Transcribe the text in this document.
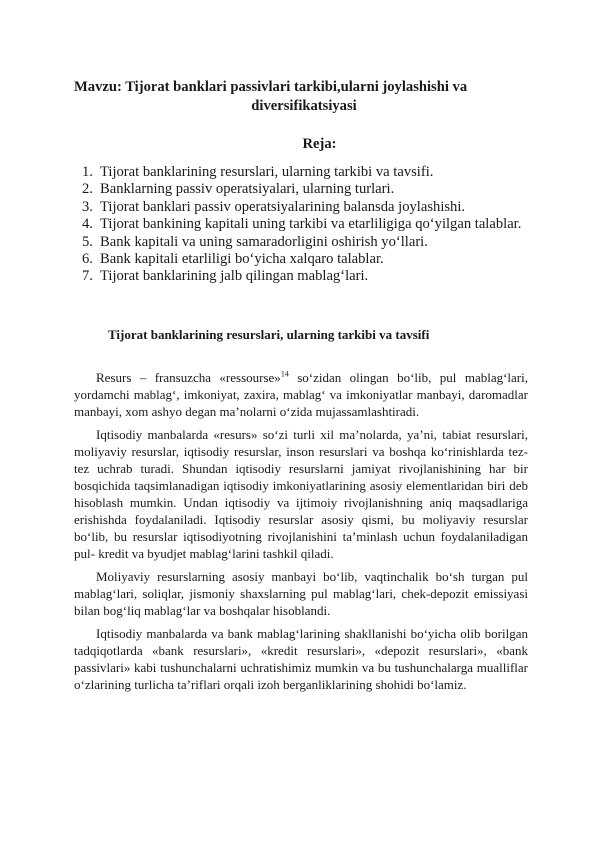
Mavzu: Tijorat banklari passivlari tarkibi,ularni joylashishi va
diversifikatsiyasi
Reja:
1. Tijorat banklarining resurslari, ularning tarkibi va tavsifi.
2. Banklarning passiv operatsiyalari, ularning turlari.
3. Tijorat banklari passiv operatsiyalarining balansda joylashishi.
4. Tijorat bankining kapitali uning tarkibi va etarliligiga qo‘yilgan talablar.
5. Bank kapitali va uning samaradorligini oshirish yo‘llari.
6. Bank kapitali etarliligi bo‘yicha xalqaro talablar.
7. Tijorat banklarining jalb qilingan mablag‘lari.
Tijorat banklarining resurslari, ularning tarkibi va tavsifi

Resurs – fransuzcha «ressourse»$^{14}$ so‘zidan olingan bo‘lib, pul mablag‘lari, yordamchi mablag‘, imkoniyat, zaxira, mablag‘ va imkoniyatlar manbayi, daromadlar manbayi, xom ashyo degan ma’nolarni o‘zida mujassamlashtiradi.

Iqtisodiy manbalarda «resurs» so‘zi turli xil ma’nolarda, ya’ni, tabiat resurslari, moliyaviy resurslar, iqtisodiy resurslar, inson resurslari va boshqa ko‘rinishlarda tez-tez uchrab turadi. Shundan iqtisodiy resurslarni jamiyat rivojlanishining har bir bosqichida taqsimlanadigan iqtisodiy imkoniyatlarining asosiy elementlaridan biri deb hisoblash mumkin. Undan iqtisodiy va ijtimoiy rivojlanishning aniq maqsadlariga erishishda foydalaniladi. Iqtisodiy resurslar asosiy qismi, bu moliyaviy resurslar bo‘lib, bu resurslar iqtisodiyotning rivojlanishini ta’minlash uchun foydalaniladigan pul- kredit va byudjet mablag‘larini tashkil qiladi.

Moliyaviy resurslarning asosiy manbayi bo‘lib, vaqtinchalik bo‘sh turgan pul mablag‘lari, soliqlar, jismoniy shaxslarning pul mablag‘lari, chek-depozit emissiyasi bilan bog‘liq mablag‘lar va boshqalar hisoblandi.

Iqtisodiy manbalarda va bank mablag‘larining shakllanishi bo‘yicha olib borilgan tadqiqotlarda «bank resurslari», «kredit resurslari», «depozit resurslari», «bank passivlari» kabi tushunchalarni uchratishimiz mumkin va bu tushunchalarga mualliflar o‘zlarining turlicha ta’riflari orqali izoh berganliklarining shohidi bo‘lamiz.
